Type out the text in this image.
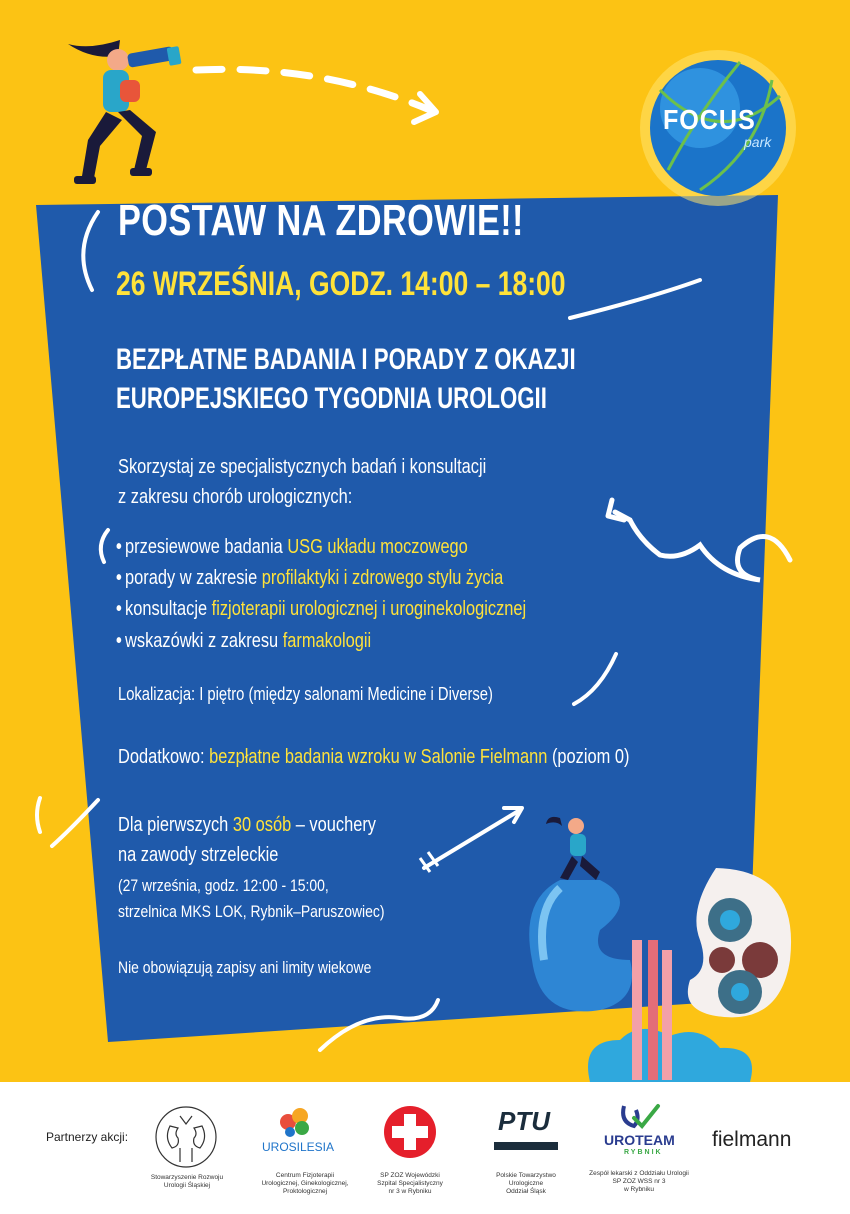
FOCUS
park
POSTAW NA ZDROWIE!!
26 WRZEŚNIA, GODZ. 14:00 – 18:00
BEZPŁATNE BADANIA I PORADY Z OKAZJI
EUROPEJSKIEGO TYGODNIA UROLOGII
Skorzystaj ze specjalistycznych badań i konsultacji
z zakresu chorób urologicznych:
• przesiewowe badania USG układu moczowego
• porady w zakresie profilaktyki i zdrowego stylu życia
• konsultacje fizjoterapii urologicznej i uroginekologicznej
• wskazówki z zakresu farmakologii
Lokalizacja: I piętro (między salonami Medicine i Diverse)
Dodatkowo: bezpłatne badania wzroku w Salonie Fielmann (poziom 0)
Dla pierwszych 30 osób – vouchery
na zawody strzeleckie
(27 września, godz. 12:00 - 15:00,
strzelnica MKS LOK, Rybnik–Paruszowiec)
Nie obowiązują zapisy ani limity wiekowe
Partnerzy akcji:
Stowarzyszenie Rozwoju
Urologii Śląskiej
UROSILESIA
Centrum Fizjoterapii
Urologicznej, Ginekologicznej,
Proktologicznej
SP ZOZ Wojewódzki
Szpital Specjalistyczny
nr 3 w Rybniku
PTU
Polskie Towarzystwo
Urologiczne
Oddział Śląsk
UROTEAM
RYBNIK
Zespół lekarski z Oddziału Urologii
SP ZOZ WSS nr 3
w Rybniku
fielmann
